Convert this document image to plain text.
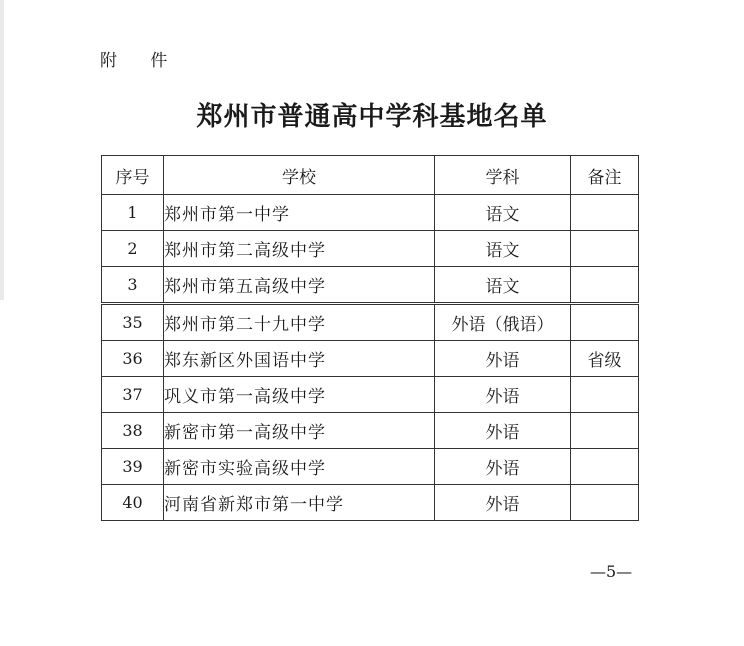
附 件
郑州市普通高中学科基地名单
序号	学校	学科	备注
1	郑州市第一中学	语文	
2	郑州市第二高级中学	语文	
3	郑州市第五高级中学	语文	
35	郑州市第二十九中学	外语（俄语）	
36	郑东新区外国语中学	外语	省级
37	巩义市第一高级中学	外语	
38	新密市第一高级中学	外语	
39	新密市实验高级中学	外语	
40	河南省新郑市第一中学	外语	
—5—
